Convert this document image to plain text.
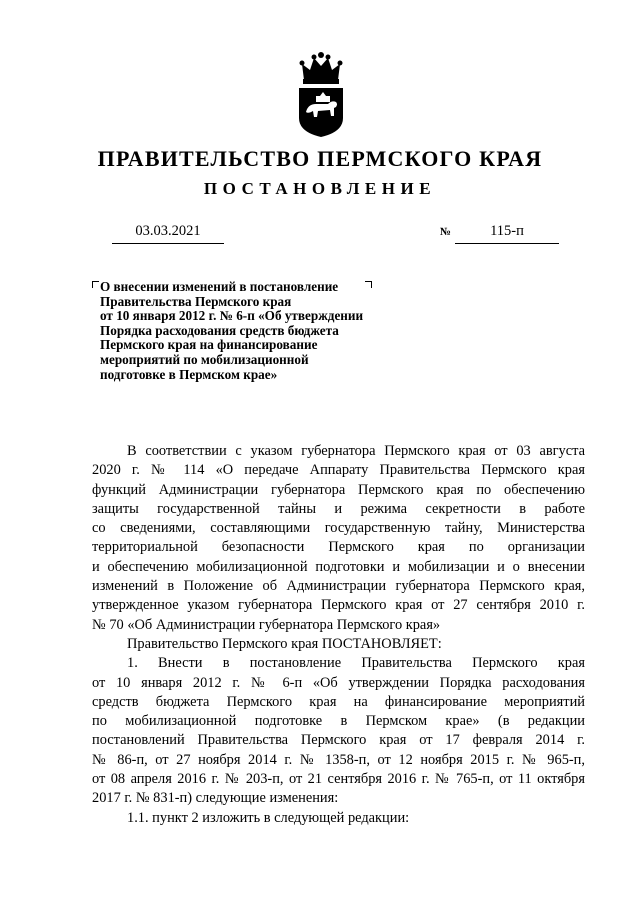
ПРАВИТЕЛЬСТВО ПЕРМСКОГО КРАЯ
ПОСТАНОВЛЕНИЕ
03.03.2021	№	115-п
О внесении изменений в постановление
Правительства Пермского края
от 10 января 2012 г. № 6-п «Об утверждении
Порядка расходования средств бюджета
Пермского края на финансирование
мероприятий по мобилизационной
подготовке в Пермском крае»
В соответствии с указом губернатора Пермского края от 03 августа
2020 г. № 114 «О передаче Аппарату Правительства Пермского края
функций Администрации губернатора Пермского края по обеспечению
защиты государственной тайны и режима секретности в работе
со сведениями, составляющими государственную тайну, Министерства
территориальной безопасности Пермского края по организации
и обеспечению мобилизационной подготовки и мобилизации и о внесении
изменений в Положение об Администрации губернатора Пермского края,
утвержденное указом губернатора Пермского края от 27 сентября 2010 г.
№ 70 «Об Администрации губернатора Пермского края»
Правительство Пермского края ПОСТАНОВЛЯЕТ:
1. Внести в постановление Правительства Пермского края
от 10 января 2012 г. № 6-п «Об утверждении Порядка расходования
средств бюджета Пермского края на финансирование мероприятий
по мобилизационной подготовке в Пермском крае» (в редакции
постановлений Правительства Пермского края от 17 февраля 2014 г.
№ 86-п, от 27 ноября 2014 г. № 1358-п, от 12 ноября 2015 г. № 965-п,
от 08 апреля 2016 г. № 203-п, от 21 сентября 2016 г. № 765-п, от 11 октября
2017 г. № 831-п) следующие изменения:
1.1. пункт 2 изложить в следующей редакции:
